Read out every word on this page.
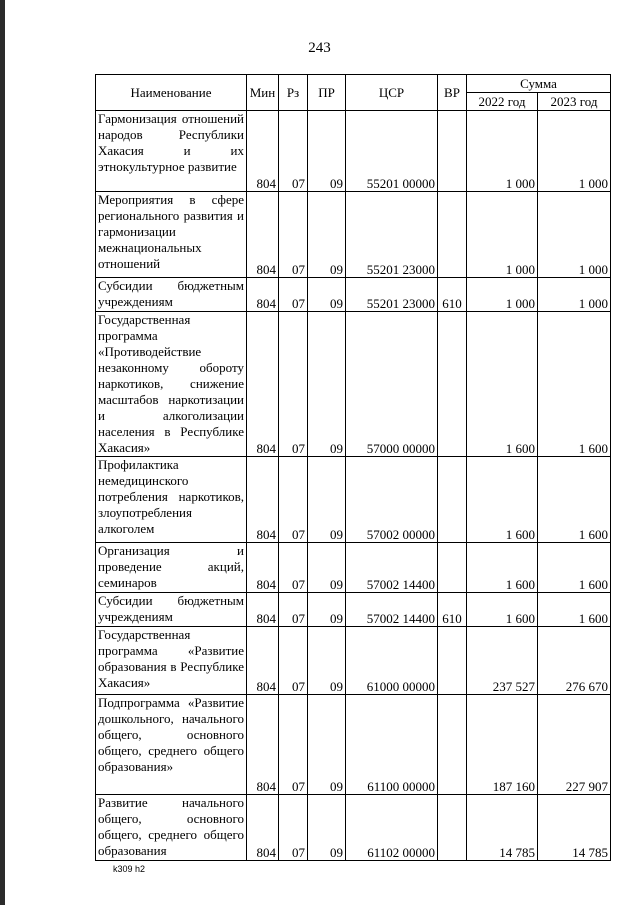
243
Наименование	Мин	Рз	ПР	ЦСР	ВР	Сумма	
						2022 год	2023 год
Гармонизация отношений народов Республики Хакасия и их этнокультурное развитие	804	07	09	55201 00000		1 000	1 000
Мероприятия в сфере регионального развития и гармонизации межнациональных отношений	804	07	09	55201 23000		1 000	1 000
Субсидии бюджетным учреждениям	804	07	09	55201 23000	610	1 000	1 000
Государственная программа «Противодействие незаконному обороту наркотиков, снижение масштабов наркотизации и алкоголизации населения в Республике Хакасия»	804	07	09	57000 00000		1 600	1 600
Профилактика немедицинского потребления наркотиков, злоупотребления алкоголем	804	07	09	57002 00000		1 600	1 600
Организация и проведение акций, семинаров	804	07	09	57002 14400		1 600	1 600
Субсидии бюджетным учреждениям	804	07	09	57002 14400	610	1 600	1 600
Государственная программа «Развитие образования в Республике Хакасия»	804	07	09	61000 00000		237 527	276 670
Подпрограмма «Развитие дошкольного, начального общего, основного общего, среднего общего образования»	804	07	09	61100 00000		187 160	227 907
Развитие начального общего, основного общего, среднего общего образования	804	07	09	61102 00000		14 785	14 785
k309 h2
